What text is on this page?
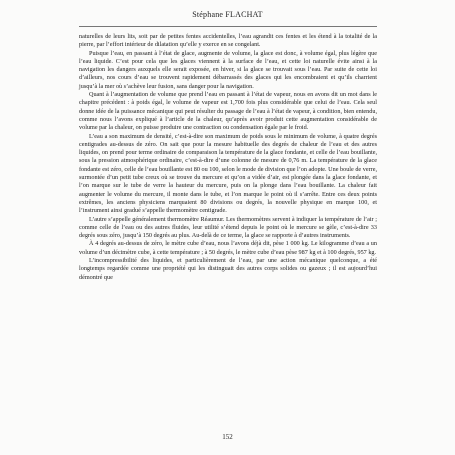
Stéphane FLACHAT

naturelles de leurs lits, soit par de petites fentes accidentelles, l’eau agrandit ces fentes et les étend à la totalité de la pierre, par l’effort intérieur de dilatation qu’elle y exerce en se congelant.

Puisque l’eau, en passant à l’état de glace, augmente de volume, la glace est donc, à volume égal, plus légère que l’eau liquide. C’est pour cela que les glaces viennent à la surface de l’eau, et cette loi naturelle évite ainsi à la navigation les dangers auxquels elle serait exposée, en hiver, si la glace se trouvait sous l’eau. Par suite de cette loi d’ailleurs, nos cours d’eau se trouvent rapidement débarrassés des glaces qui les encombraient et qu’ils charrient jusqu’à la mer où s’achève leur fusion, sans danger pour la navigation.

Quant à l’augmentation de volume que prend l’eau en passant à l’état de vapeur, nous en avons dit un mot dans le chapitre précédent : à poids égal, le volume de vapeur est 1,700 fois plus considérable que celui de l’eau. Cela seul donne idée de la puissance mécanique qui peut résulter du passage de l’eau à l’état de vapeur, à condition, bien entendu, comme nous l’avons expliqué à l’article de la chaleur, qu’après avoir produit cette augmentation considérable de volume par la chaleur, on puisse produire une contraction ou condensation égale par le froid.

L’eau a son maximum de densité, c’est-à-dire son maximum de poids sous le minimum de volume, à quatre degrés centigrades au-dessus de zéro. On sait que pour la mesure habituelle des degrés de chaleur de l’eau et des autres liquides, on prend pour terme ordinaire de comparaison la température de la glace fondante, et celle de l’eau bouillante, sous la pression atmosphérique ordinaire, c’est-à-dire d’une colonne de mesure de 0,76 m. La température de la glace fondante est zéro, celle de l’eau bouillante est 80 ou 100, selon le mode de division que l’on adopte. Une boule de verre, surmontée d’un petit tube creux où se trouve du mercure et qu’on a vidée d’air, est plongée dans la glace fondante, et l’on marque sur le tube de verre la hauteur du mercure, puis on la plonge dans l’eau bouillante. La chaleur fait augmenter le volume du mercure, il monte dans le tube, et l’on marque le point où il s’arrête. Entre ces deux points extrêmes, les anciens physiciens marquaient 80 divisions ou degrés, la nouvelle physique en marque 100, et l’instrument ainsi gradué s’appelle thermomètre centigrade.

L’autre s’appelle généralement thermomètre Réaumur. Les thermomètres servent à indiquer la température de l’air ; comme celle de l’eau ou des autres fluides, leur utilité s’étend depuis le point où le mercure se gèle, c’est-à-dire 33 degrés sous zéro, jusqu’à 150 degrés au plus. Au-delà de ce terme, la glace se rapporte à d’autres instruments.

À 4 degrés au-dessus de zéro, le mètre cube d’eau, nous l’avons déjà dit, pèse 1 000 kg. Le kilogramme d’eau a un volume d’un décimètre cube, à cette température ; à 50 degrés, le mètre cube d’eau pèse 987 kg et à 100 degrés, 957 kg.

L’incompressibilité des liquides, et particulièrement de l’eau, par une action mécanique quelconque, a été longtemps regardée comme une propriété qui les distinguait des autres corps solides ou gazeux ; il est aujourd’hui démontré que

152
